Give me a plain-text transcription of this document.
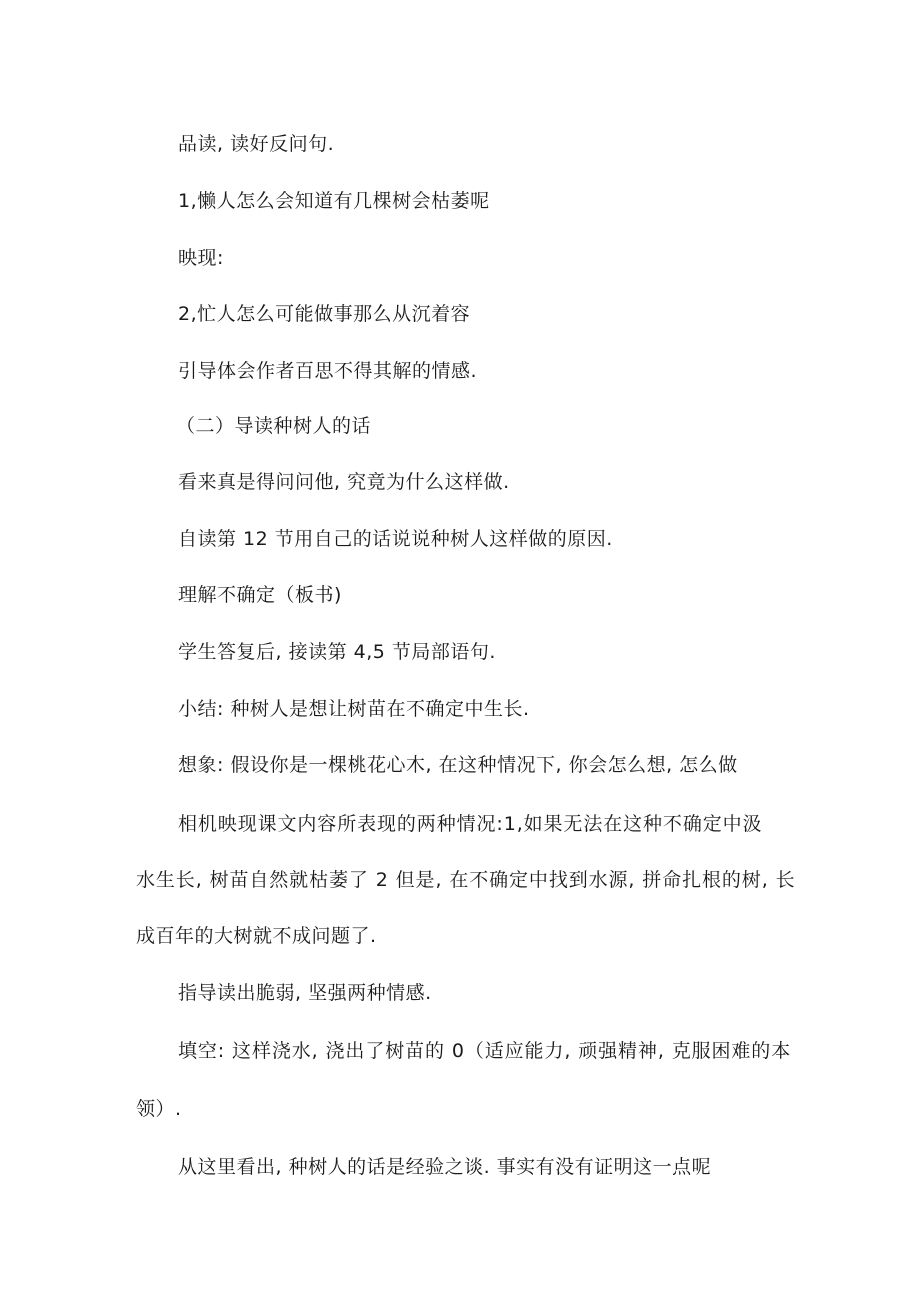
品读, 读好反问句.
1,懒人怎么会知道有几棵树会枯萎呢
映现:
2,忙人怎么可能做事那么从沉着容
引导体会作者百思不得其解的情感.
（二）导读种树人的话
看来真是得问问他, 究竟为什么这样做.
自读第 12 节用自己的话说说种树人这样做的原因.
理解不确定（板书)
学生答复后, 接读第 4,5 节局部语句.
小结: 种树人是想让树苗在不确定中生长.
想象: 假设你是一棵桃花心木, 在这种情况下, 你会怎么想, 怎么做
相机映现课文内容所表现的两种情况:1,如果无法在这种不确定中汲
水生长, 树苗自然就枯萎了 2 但是, 在不确定中找到水源, 拼命扎根的树, 长
成百年的大树就不成问题了.
指导读出脆弱, 坚强两种情感.
填空: 这样浇水, 浇出了树苗的 0（适应能力, 顽强精神, 克服困难的本
领）.
从这里看出, 种树人的话是经验之谈. 事实有没有证明这一点呢
